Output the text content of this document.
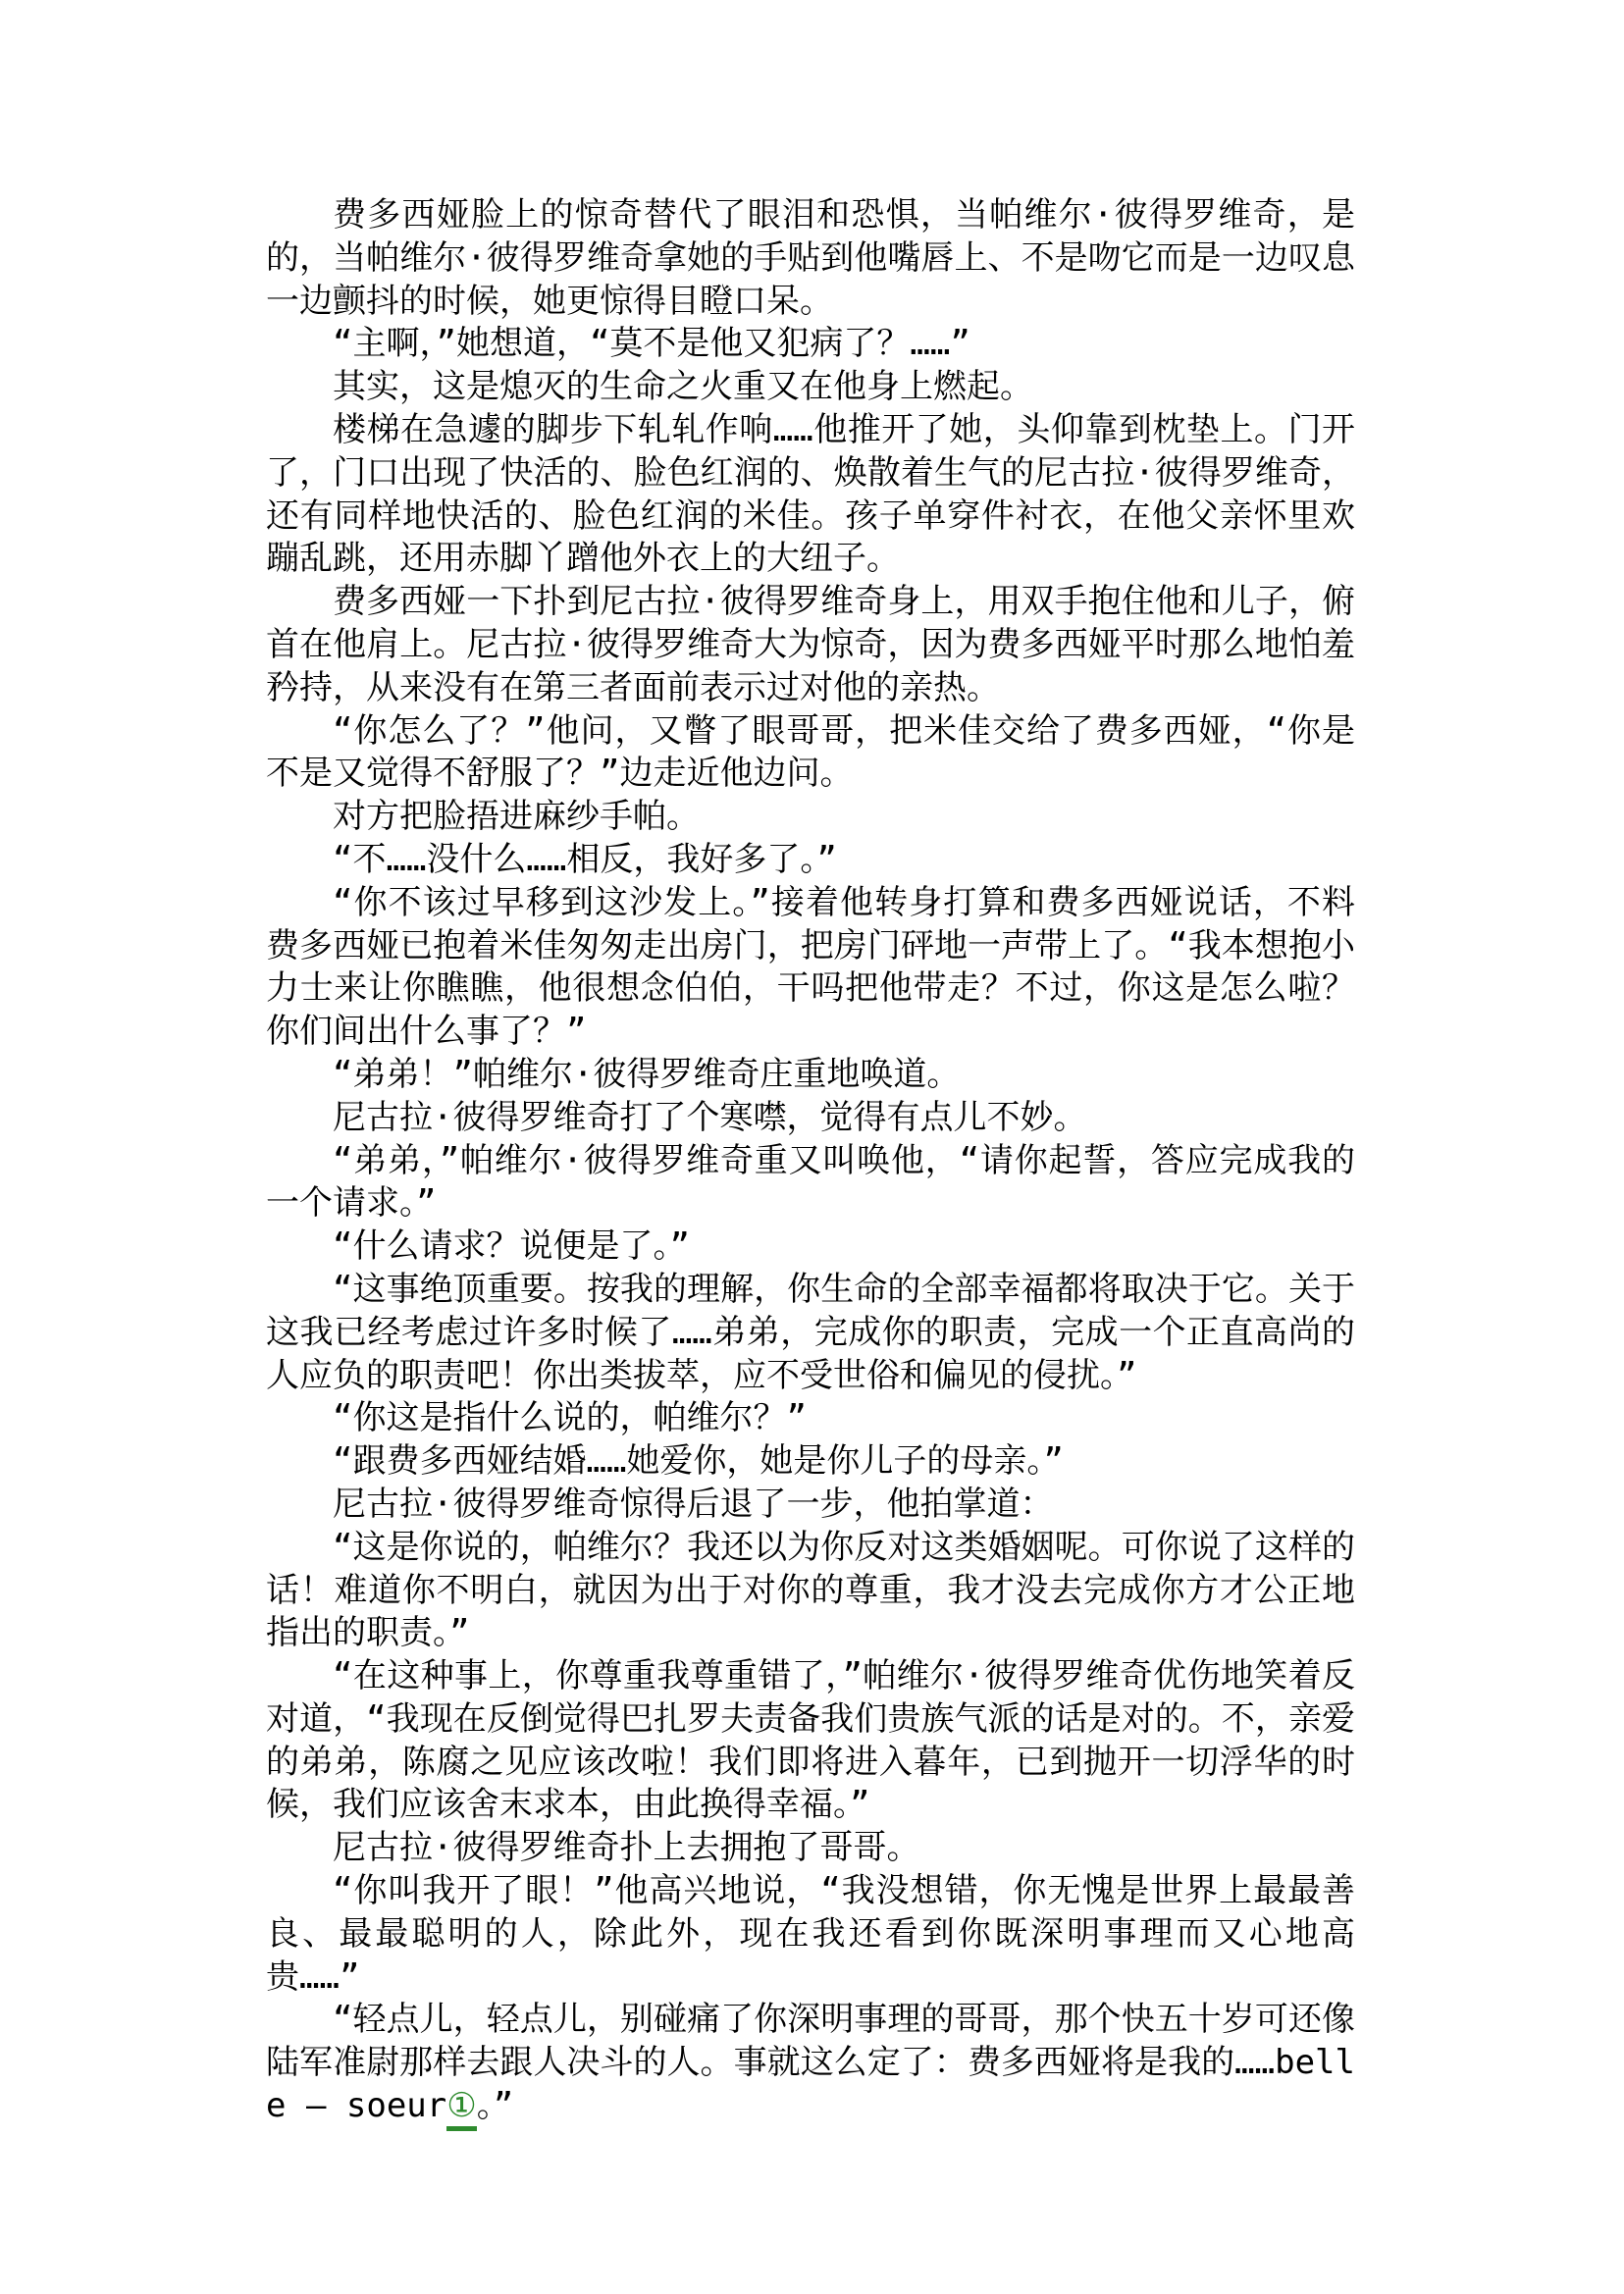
费多西娅脸上的惊奇替代了眼泪和恐惧，当帕维尔·彼得罗维奇，是的，当帕维尔·彼得罗维奇拿她的手贴到他嘴唇上、不是吻它而是一边叹息一边颤抖的时候，她更惊得目瞪口呆。

“主啊，”她想道，“莫不是他又犯病了？……”

其实，这是熄灭的生命之火重又在他身上燃起。

楼梯在急遽的脚步下轧轧作响……他推开了她，头仰靠到枕垫上。门开了，门口出现了快活的、脸色红润的、焕散着生气的尼古拉·彼得罗维奇，还有同样地快活的、脸色红润的米佳。孩子单穿件衬衣，在他父亲怀里欢蹦乱跳，还用赤脚丫蹭他外衣上的大纽子。

费多西娅一下扑到尼古拉·彼得罗维奇身上，用双手抱住他和儿子，俯首在他肩上。尼古拉·彼得罗维奇大为惊奇，因为费多西娅平时那么地怕羞矜持，从来没有在第三者面前表示过对他的亲热。

“你怎么了？”他问，又瞥了眼哥哥，把米佳交给了费多西娅，“你是不是又觉得不舒服了？”边走近他边问。

对方把脸捂进麻纱手帕。

“不……没什么……相反，我好多了。”

“你不该过早移到这沙发上。”接着他转身打算和费多西娅说话，不料费多西娅已抱着米佳匆匆走出房门，把房门砰地一声带上了。“我本想抱小力士来让你瞧瞧，他很想念伯伯，干吗把他带走？不过，你这是怎么啦？你们间出什么事了？”

“弟弟！”帕维尔·彼得罗维奇庄重地唤道。

尼古拉·彼得罗维奇打了个寒噤，觉得有点儿不妙。

“弟弟，”帕维尔·彼得罗维奇重又叫唤他，“请你起誓，答应完成我的一个请求。”

“什么请求？说便是了。”

“这事绝顶重要。按我的理解，你生命的全部幸福都将取决于它。关于这我已经考虑过许多时候了……弟弟，完成你的职责，完成一个正直高尚的人应负的职责吧！你出类拔萃，应不受世俗和偏见的侵扰。”

“你这是指什么说的，帕维尔？”

“跟费多西娅结婚……她爱你，她是你儿子的母亲。”

尼古拉·彼得罗维奇惊得后退了一步，他拍掌道：

“这是你说的，帕维尔？我还以为你反对这类婚姻呢。可你说了这样的话！难道你不明白，就因为出于对你的尊重，我才没去完成你方才公正地指出的职责。”

“在这种事上，你尊重我尊重错了，”帕维尔·彼得罗维奇优伤地笑着反对道，“我现在反倒觉得巴扎罗夫责备我们贵族气派的话是对的。不，亲爱的弟弟，陈腐之见应该改啦！我们即将进入暮年，已到抛开一切浮华的时候，我们应该舍末求本，由此换得幸福。”

尼古拉·彼得罗维奇扑上去拥抱了哥哥。

“你叫我开了眼！”他高兴地说，“我没想错，你无愧是世界上最最善良、最最聪明的人，除此外，现在我还看到你既深明事理而又心地高贵……”

“轻点儿，轻点儿，别碰痛了你深明事理的哥哥，那个快五十岁可还像陆军准尉那样去跟人决斗的人。事就这么定了：费多西娅将是我的……belle — soeur①。”
